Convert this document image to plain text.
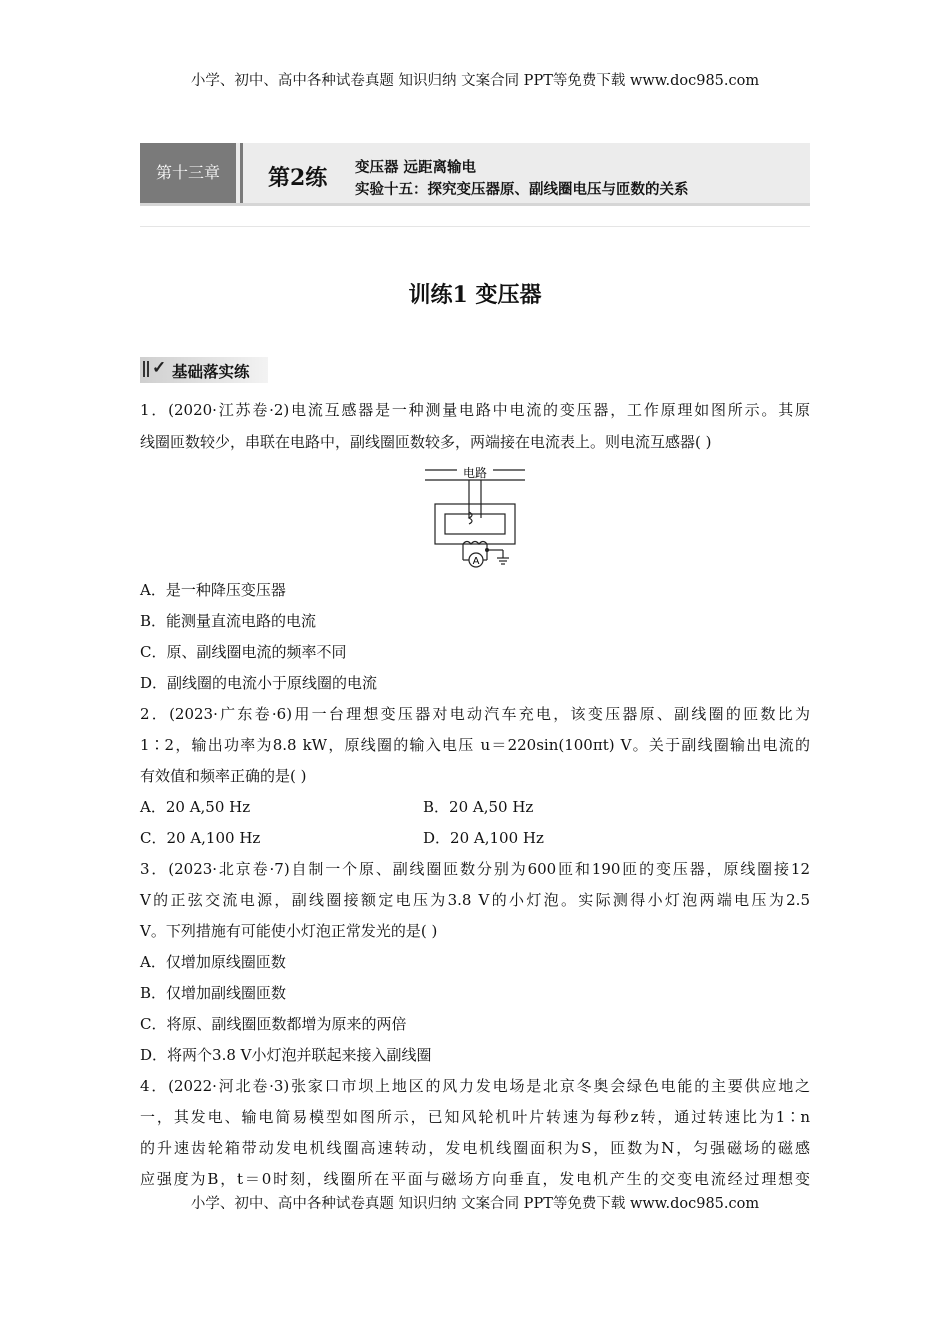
小学、初中、高中各种试卷真题 知识归纳 文案合同 PPT等免费下载 www.doc985.com
第十三章	第2练 变压器 远距离输电
实验十五：探究变压器原、副线圈电压与匝数的关系
训练1 变压器
✓ 基础落实练
1．(2020·江苏卷·2)电流互感器是一种测量电路中电流的变压器，工作原理如图所示。其原
线圈匝数较少，串联在电路中，副线圈匝数较多，两端接在电流表上。则电流互感器( )
A
电路
A．是一种降压变压器
B．能测量直流电路的电流
C．原、副线圈电流的频率不同
D．副线圈的电流小于原线圈的电流
2．(2023·广东卷·6)用一台理想变压器对电动汽车充电，该变压器原、副线圈的匝数比为
1∶2，输出功率为8.8 kW，原线圈的输入电压 u＝220sin(100πt) V。关于副线圈输出电流的
有效值和频率正确的是( )
A．20 A,50 Hz	B．20 A,50 Hz
C．20 A,100 Hz	D．20 A,100 Hz
3．(2023·北京卷·7)自制一个原、副线圈匝数分别为600匝和190匝的变压器，原线圈接12
V的正弦交流电源，副线圈接额定电压为3.8 V的小灯泡。实际测得小灯泡两端电压为2.5
V。下列措施有可能使小灯泡正常发光的是( )
A．仅增加原线圈匝数
B．仅增加副线圈匝数
C．将原、副线圈匝数都增为原来的两倍
D．将两个3.8 V小灯泡并联起来接入副线圈
4．(2022·河北卷·3)张家口市坝上地区的风力发电场是北京冬奥会绿色电能的主要供应地之
一，其发电、输电简易模型如图所示，已知风轮机叶片转速为每秒z转，通过转速比为1∶n
的升速齿轮箱带动发电机线圈高速转动，发电机线圈面积为S，匝数为N，匀强磁场的磁感
应强度为B，t＝0时刻，线圈所在平面与磁场方向垂直，发电机产生的交变电流经过理想变
小学、初中、高中各种试卷真题 知识归纳 文案合同 PPT等免费下载 www.doc985.com
